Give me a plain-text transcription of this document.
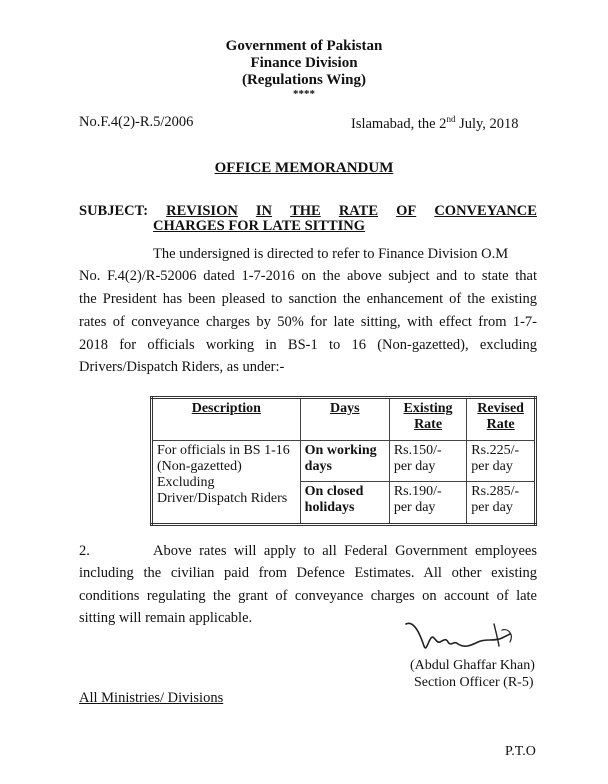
Government of Pakistan
Finance Division
(Regulations Wing)
****
No.F.4(2)-R.5/2006	Islamabad, the 2nd July, 2018
OFFICE MEMORANDUM
SUBJECT: REVISION IN THE RATE OF CONVEYANCE
CHARGES FOR LATE SITTING
The undersigned is directed to refer to Finance Division O.M
No. F.4(2)/R-52006 dated 1-7-2016 on the above subject and to state that
the President has been pleased to sanction the enhancement of the existing
rates of conveyance charges by 50% for late sitting, with effect from 1-7-
2018 for officials working in BS-1 to 16 (Non-gazetted), excluding
Drivers/Dispatch Riders, as under:-
Description	Days	Existing Rate	Revised Rate
For officials in BS 1-16 (Non-gazetted) Excluding Driver/Dispatch Riders	On working days	Rs.150/- per day	Rs.225/- per day
	On closed holidays	Rs.190/- per day	Rs.285/- per day
2.	Above rates will apply to all Federal Government employees
including the civilian paid from Defence Estimates. All other existing
conditions regulating the grant of conveyance charges on account of late
sitting will remain applicable.
(Abdul Ghaffar Khan)
Section Officer (R-5)
All Ministries/ Divisions
P.T.O
